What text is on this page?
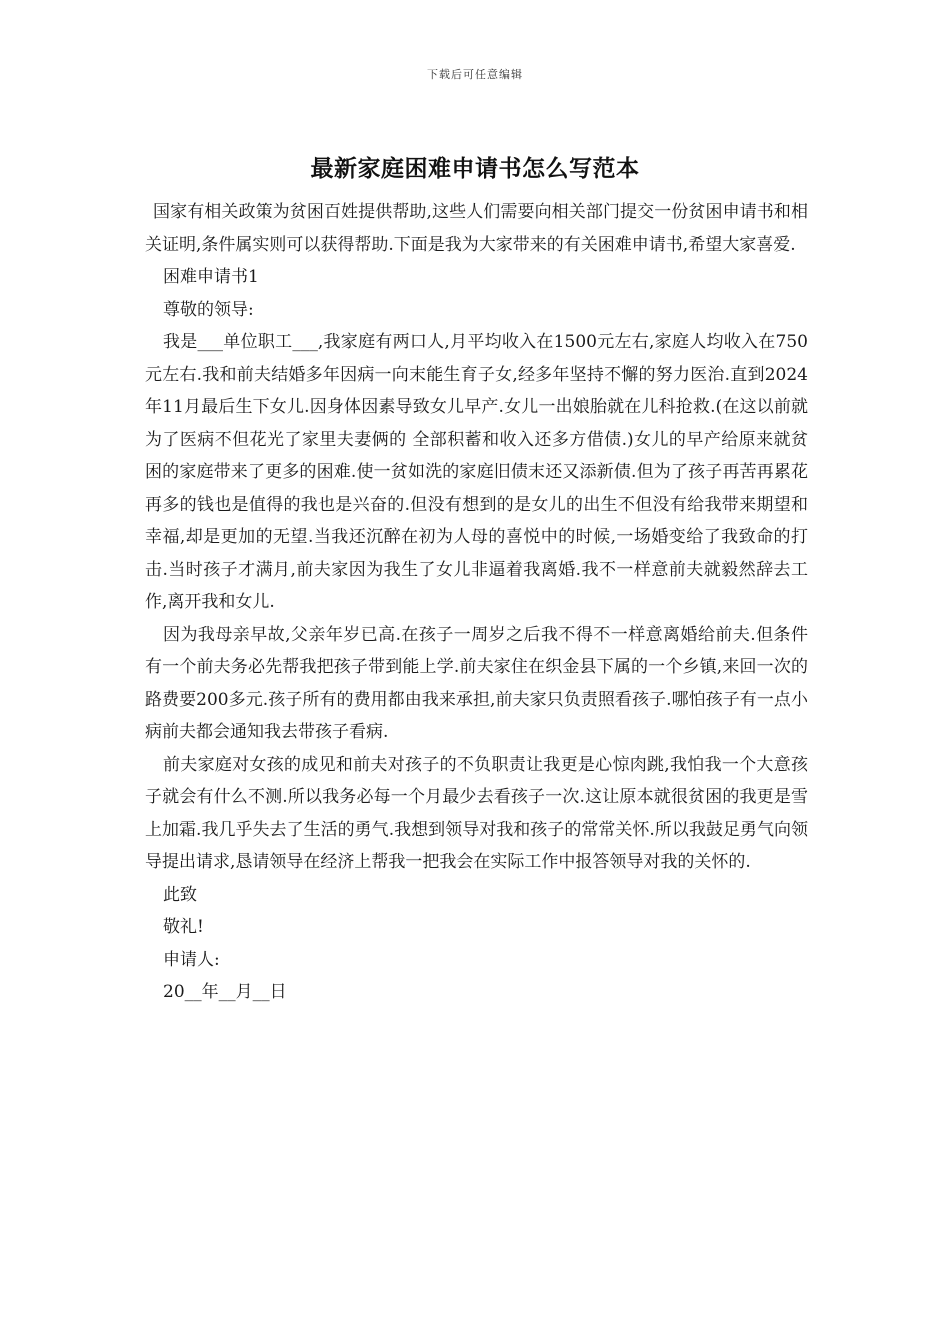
下载后可任意编辑
最新家庭困难申请书怎么写范本

国家有相关政策为贫困百姓提供帮助,这些人们需要向相关部门提交一份贫困申请书和相关证明,条件属实则可以获得帮助.下面是我为大家带来的有关困难申请书,希望大家喜爱.

困难申请书1

尊敬的领导:

我是___单位职工___,我家庭有两口人,月平均收入在1500元左右,家庭人均收入在750元左右.我和前夫结婚多年因病一向末能生育子女,经多年坚持不懈的努力医治.直到2024年11月最后生下女儿.因身体因素导致女儿早产.女儿一出娘胎就在儿科抢救.(在这以前就为了医病不但花光了家里夫妻俩的 全部积蓄和收入还多方借债.)女儿的早产给原来就贫困的家庭带来了更多的困难.使一贫如洗的家庭旧债末还又添新债.但为了孩子再苦再累花再多的钱也是值得的我也是兴奋的.但没有想到的是女儿的出生不但没有给我带来期望和幸福,却是更加的无望.当我还沉醉在初为人母的喜悦中的时候,一场婚变给了我致命的打击.当时孩子才满月,前夫家因为我生了女儿非逼着我离婚.我不一样意前夫就毅然辞去工作,离开我和女儿.

因为我母亲早故,父亲年岁已高.在孩子一周岁之后我不得不一样意离婚给前夫.但条件有一个前夫务必先帮我把孩子带到能上学.前夫家住在织金县下属的一个乡镇,来回一次的路费要200多元.孩子所有的费用都由我来承担,前夫家只负责照看孩子.哪怕孩子有一点小病前夫都会通知我去带孩子看病.

前夫家庭对女孩的成见和前夫对孩子的不负职责让我更是心惊肉跳,我怕我一个大意孩子就会有什么不测.所以我务必每一个月最少去看孩子一次.这让原本就很贫困的我更是雪上加霜.我几乎失去了生活的勇气.我想到领导对我和孩子的常常关怀.所以我鼓足勇气向领导提出请求,恳请领导在经济上帮我一把我会在实际工作中报答领导对我的关怀的.

此致

敬礼!

申请人:

20__年__月__日
